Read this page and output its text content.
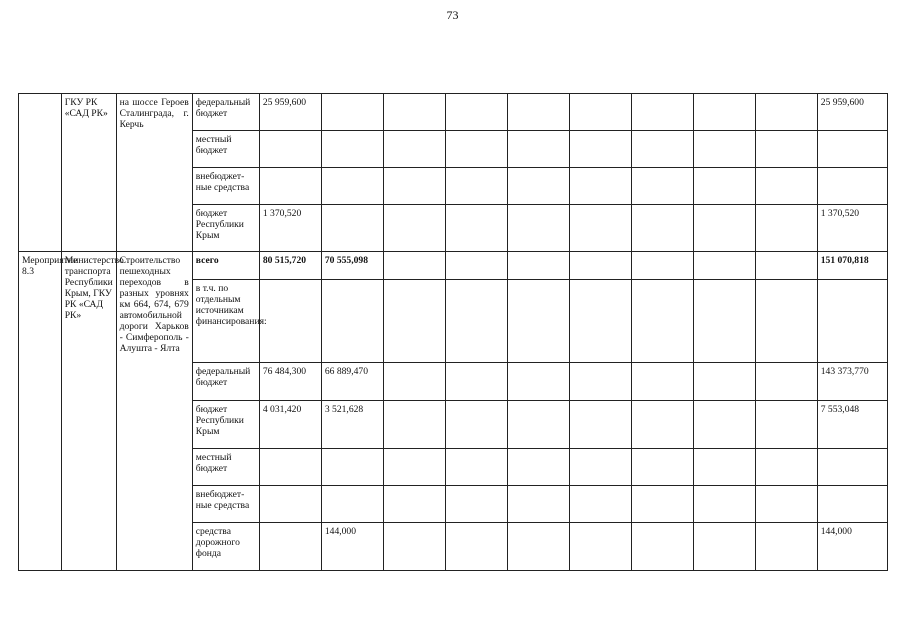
73
	ГКУ РК «САД РК»	на шоссе Героев Сталинграда, г. Керчь	федеральный бюджет	25 959,600									25 959,600
			местный бюджет										
			внебюджет-ные средства										
			бюджет Республики Крым	1 370,520									1 370,520
Мероприятие 8.3	Министерство транспорта Республики Крым, ГКУ РК «САД РК»	Строительство пешеходных переходов в разных уровнях км 664, 674, 679 автомобильной дороги Харьков - Симферополь - Алушта - Ялта	всего	80 515,720	70 555,098								151 070,818
			в т.ч. по отдельным источникам финансирования:										
			федеральный бюджет	76 484,300	66 889,470								143 373,770
			бюджет Республики Крым	4 031,420	3 521,628								7 553,048
			местный бюджет										
			внебюджет-ные средства										
			средства дорожного фонда		144,000								144,000
